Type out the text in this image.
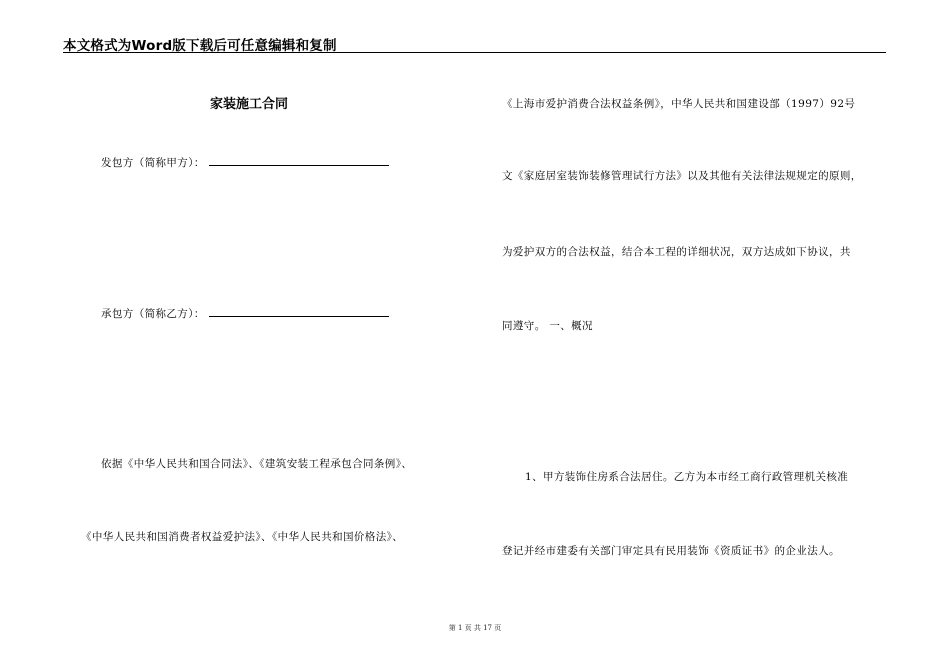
本文格式为Word版下载后可任意编辑和复制
家装施工合同
发包方（简称甲方）：
承包方（简称乙方）：
依据《中华人民共和国合同法》、《建筑安装工程承包合同条例》、
《中华人民共和国消费者权益爱护法》、《中华人民共和国价格法》、
《上海市爱护消费合法权益条例》，中华人民共和国建设部（1997）92号
文《家庭居室装饰装修管理试行方法》以及其他有关法律法规规定的原则，
为爱护双方的合法权益，结合本工程的详细状况，双方达成如下协议，共
同遵守。 一、概况
1、甲方装饰住房系合法居住。乙方为本市经工商行政管理机关核准
登记并经市建委有关部门审定具有民用装饰《资质证书》的企业法人。
第 1 页 共 17 页
